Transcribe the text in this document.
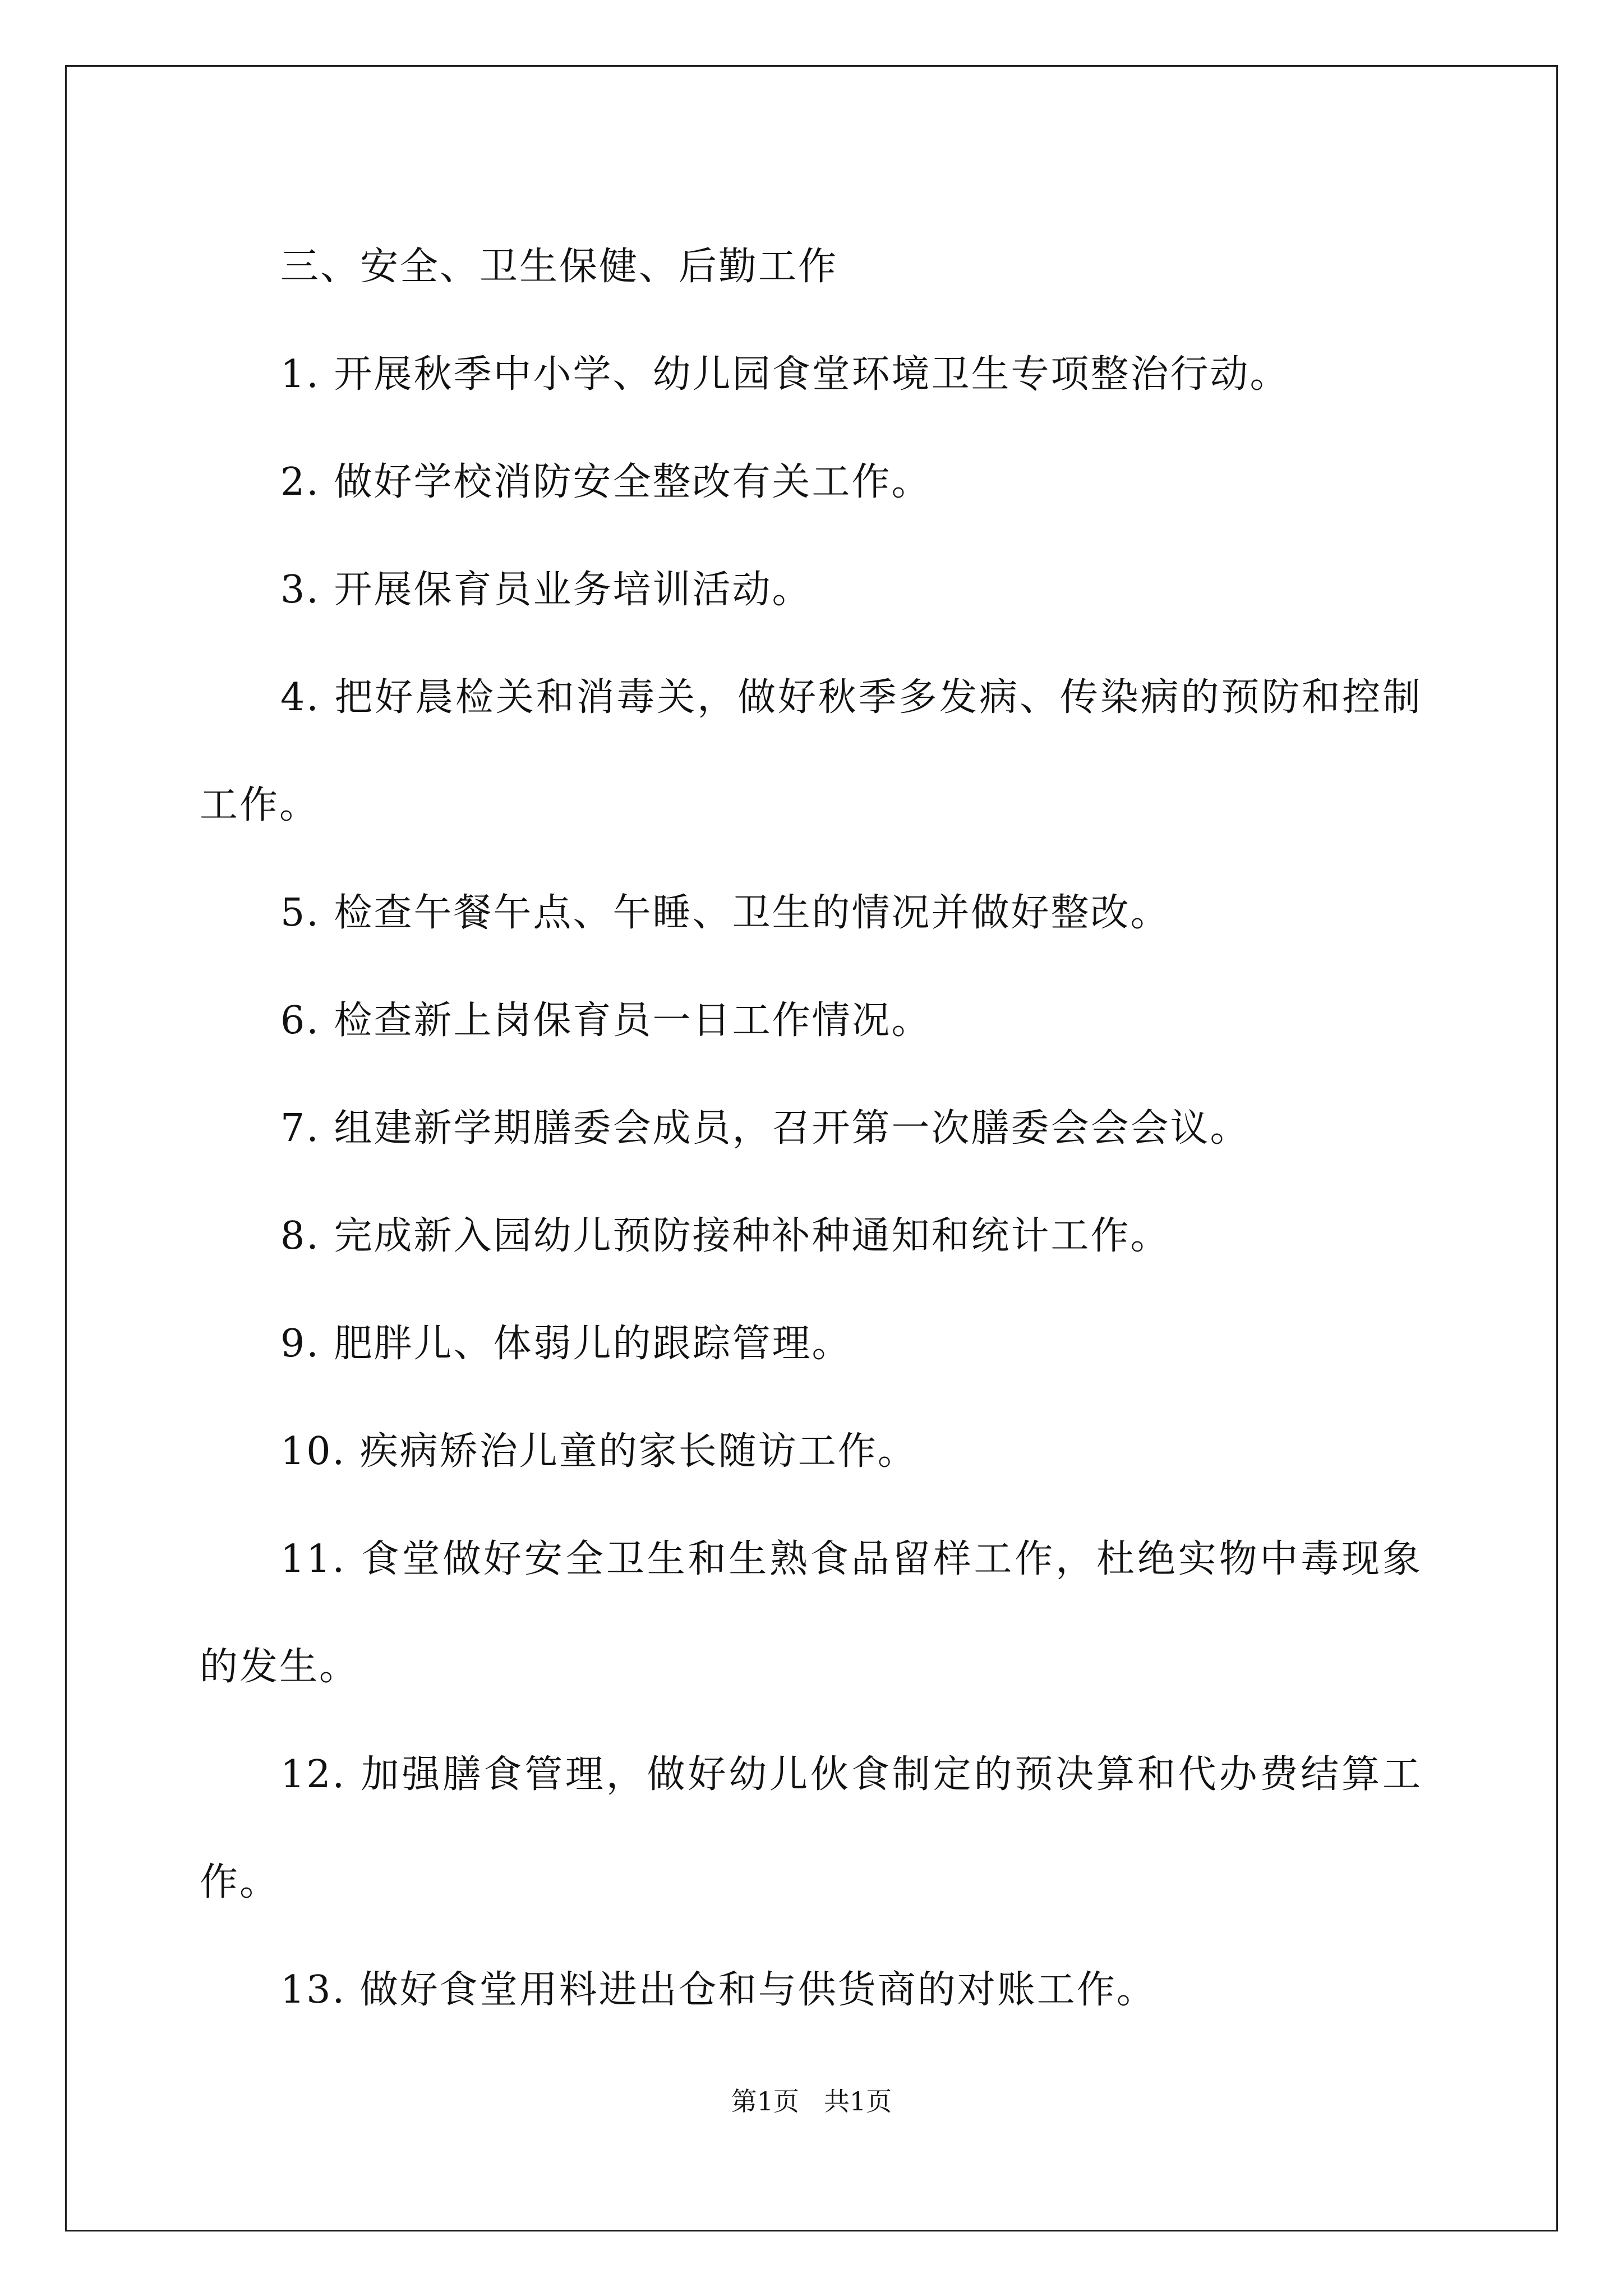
三、安全、卫生保健、后勤工作

1. 开展秋季中小学、幼儿园食堂环境卫生专项整治行动。

2. 做好学校消防安全整改有关工作。

3. 开展保育员业务培训活动。

4. 把好晨检关和消毒关，做好秋季多发病、传染病的预防和控制

工作。

5. 检查午餐午点、午睡、卫生的情况并做好整改。

6. 检查新上岗保育员一日工作情况。

7. 组建新学期膳委会成员，召开第一次膳委会会会议。

8. 完成新入园幼儿预防接种补种通知和统计工作。

9. 肥胖儿、体弱儿的跟踪管理。

10. 疾病矫治儿童的家长随访工作。

11. 食堂做好安全卫生和生熟食品留样工作，杜绝实物中毒现象

的发生。

12. 加强膳食管理，做好幼儿伙食制定的预决算和代办费结算工

作。

13. 做好食堂用料进出仓和与供货商的对账工作。

第1页 共1页
